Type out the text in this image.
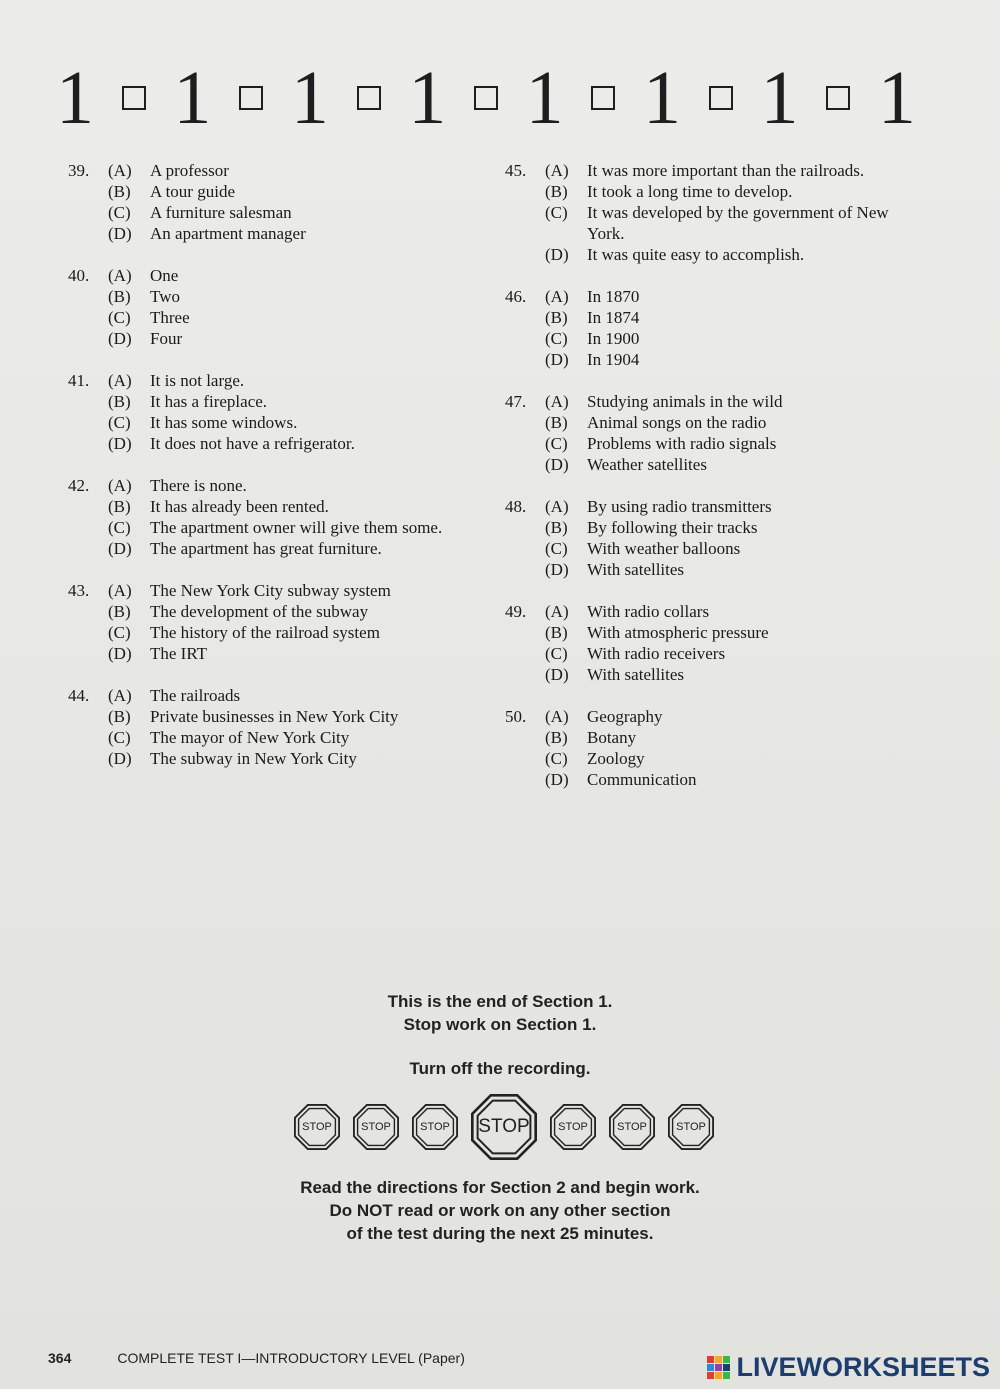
1 1 1 1 1 1 1 1
39.	(A)	A professor
(B)	A tour guide
(C)	A furniture salesman
(D)	An apartment manager
40.	(A)	One
(B)	Two
(C)	Three
(D)	Four
41.	(A)	It is not large.
(B)	It has a fireplace.
(C)	It has some windows.
(D)	It does not have a refrigerator.
42.	(A)	There is none.
(B)	It has already been rented.
(C)	The apartment owner will give them some.
(D)	The apartment has great furniture.
43.	(A)	The New York City subway system
(B)	The development of the subway
(C)	The history of the railroad system
(D)	The IRT
44.	(A)	The railroads
(B)	Private businesses in New York City
(C)	The mayor of New York City
(D)	The subway in New York City
45.	(A)	It was more important than the railroads.
(B)	It took a long time to develop.
(C)	It was developed by the government of New York.
(D)	It was quite easy to accomplish.
46.	(A)	In 1870
(B)	In 1874
(C)	In 1900
(D)	In 1904
47.	(A)	Studying animals in the wild
(B)	Animal songs on the radio
(C)	Problems with radio signals
(D)	Weather satellites
48.	(A)	By using radio transmitters
(B)	By following their tracks
(C)	With weather balloons
(D)	With satellites
49.	(A)	With radio collars
(B)	With atmospheric pressure
(C)	With radio receivers
(D)	With satellites
50.	(A)	Geography
(B)	Botany
(C)	Zoology
(D)	Communication
This is the end of Section 1.
Stop work on Section 1.
Turn off the recording.
STOP	STOP	STOP STOP	STOP	STOP	STOP
Read the directions for Section 2 and begin work.
Do NOT read or work on any other section
of the test during the next 25 minutes.
364	COMPLETE TEST I—INTRODUCTORY LEVEL (Paper)	LIVEWORKSHEETS
